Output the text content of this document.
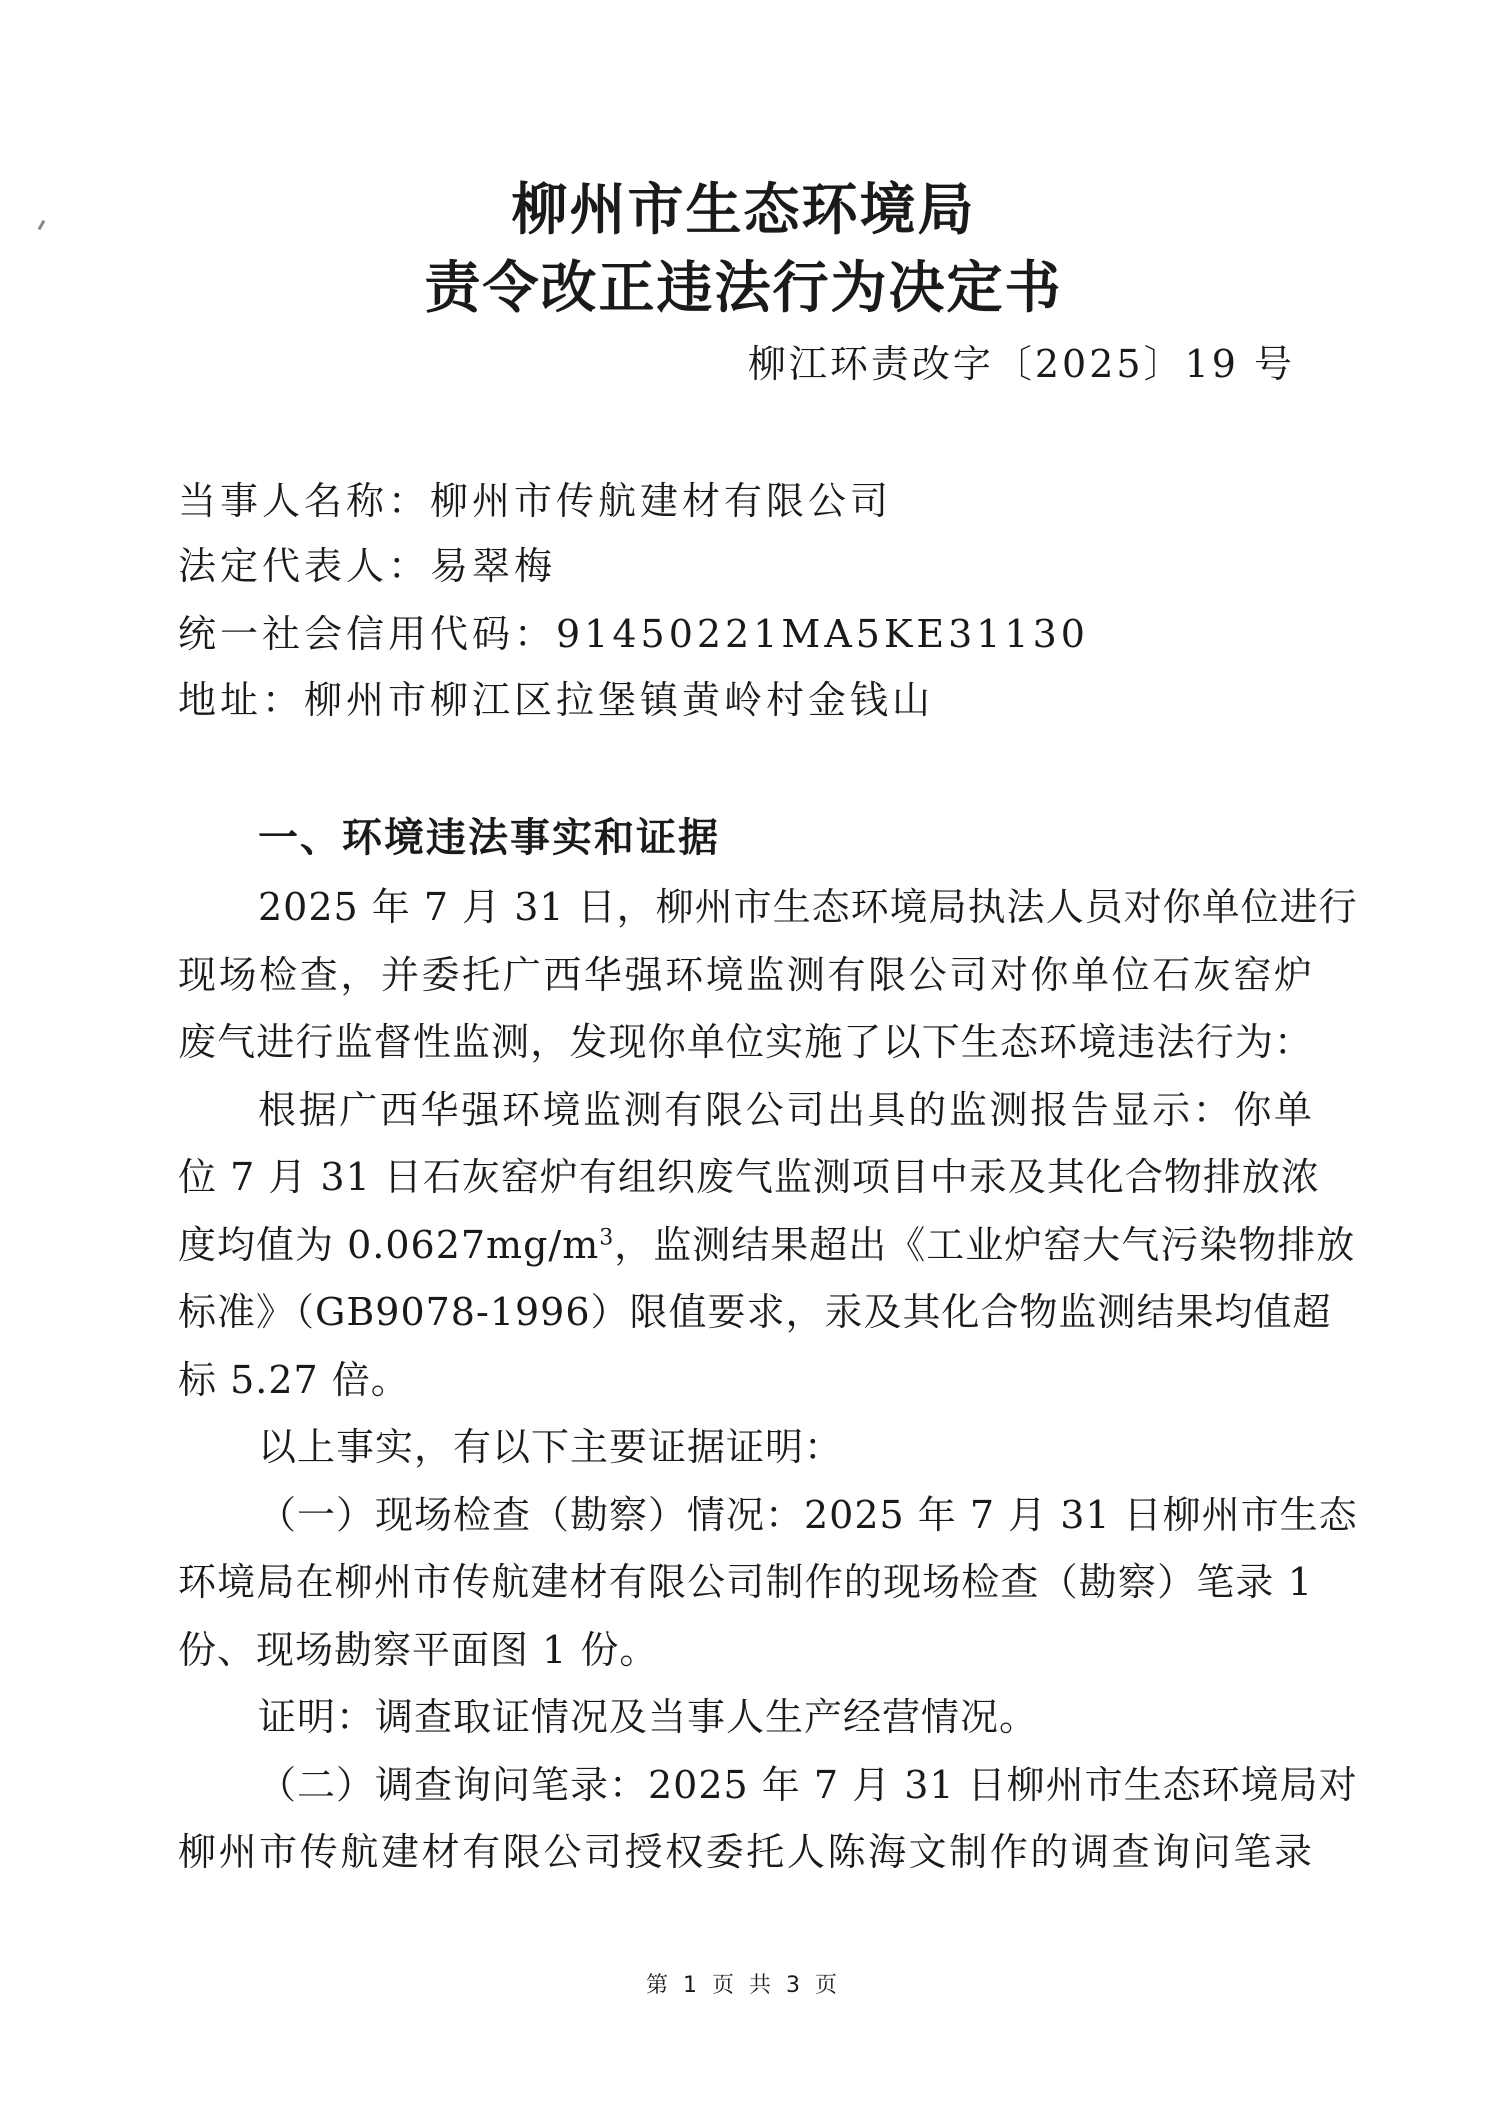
柳州市生态环境局
责令改正违法行为决定书
柳江环责改字〔2025〕19 号
当事人名称：柳州市传航建材有限公司
法定代表人：易翠梅
统一社会信用代码：91450221MA5KE31130
地址：柳州市柳江区拉堡镇黄岭村金钱山
一、环境违法事实和证据
2025 年 7 月 31 日，柳州市生态环境局执法人员对你单位进行
现场检查，并委托广西华强环境监测有限公司对你单位石灰窑炉
废气进行监督性监测，发现你单位实施了以下生态环境违法行为：
根据广西华强环境监测有限公司出具的监测报告显示：你单
位 7 月 31 日石灰窑炉有组织废气监测项目中汞及其化合物排放浓
度均值为 $0.0627mg/m^3$，监测结果超出《工业炉窑大气污染物排放
标准》（GB9078-1996）限值要求，汞及其化合物监测结果均值超
标 5.27 倍。
以上事实，有以下主要证据证明：
（一）现场检查（勘察）情况：2025 年 7 月 31 日柳州市生态
环境局在柳州市传航建材有限公司制作的现场检查（勘察）笔录 1
份、现场勘察平面图 1 份。
证明：调查取证情况及当事人生产经营情况。
（二）调查询问笔录：2025 年 7 月 31 日柳州市生态环境局对
柳州市传航建材有限公司授权委托人陈海文制作的调查询问笔录
第 1 页 共 3 页
